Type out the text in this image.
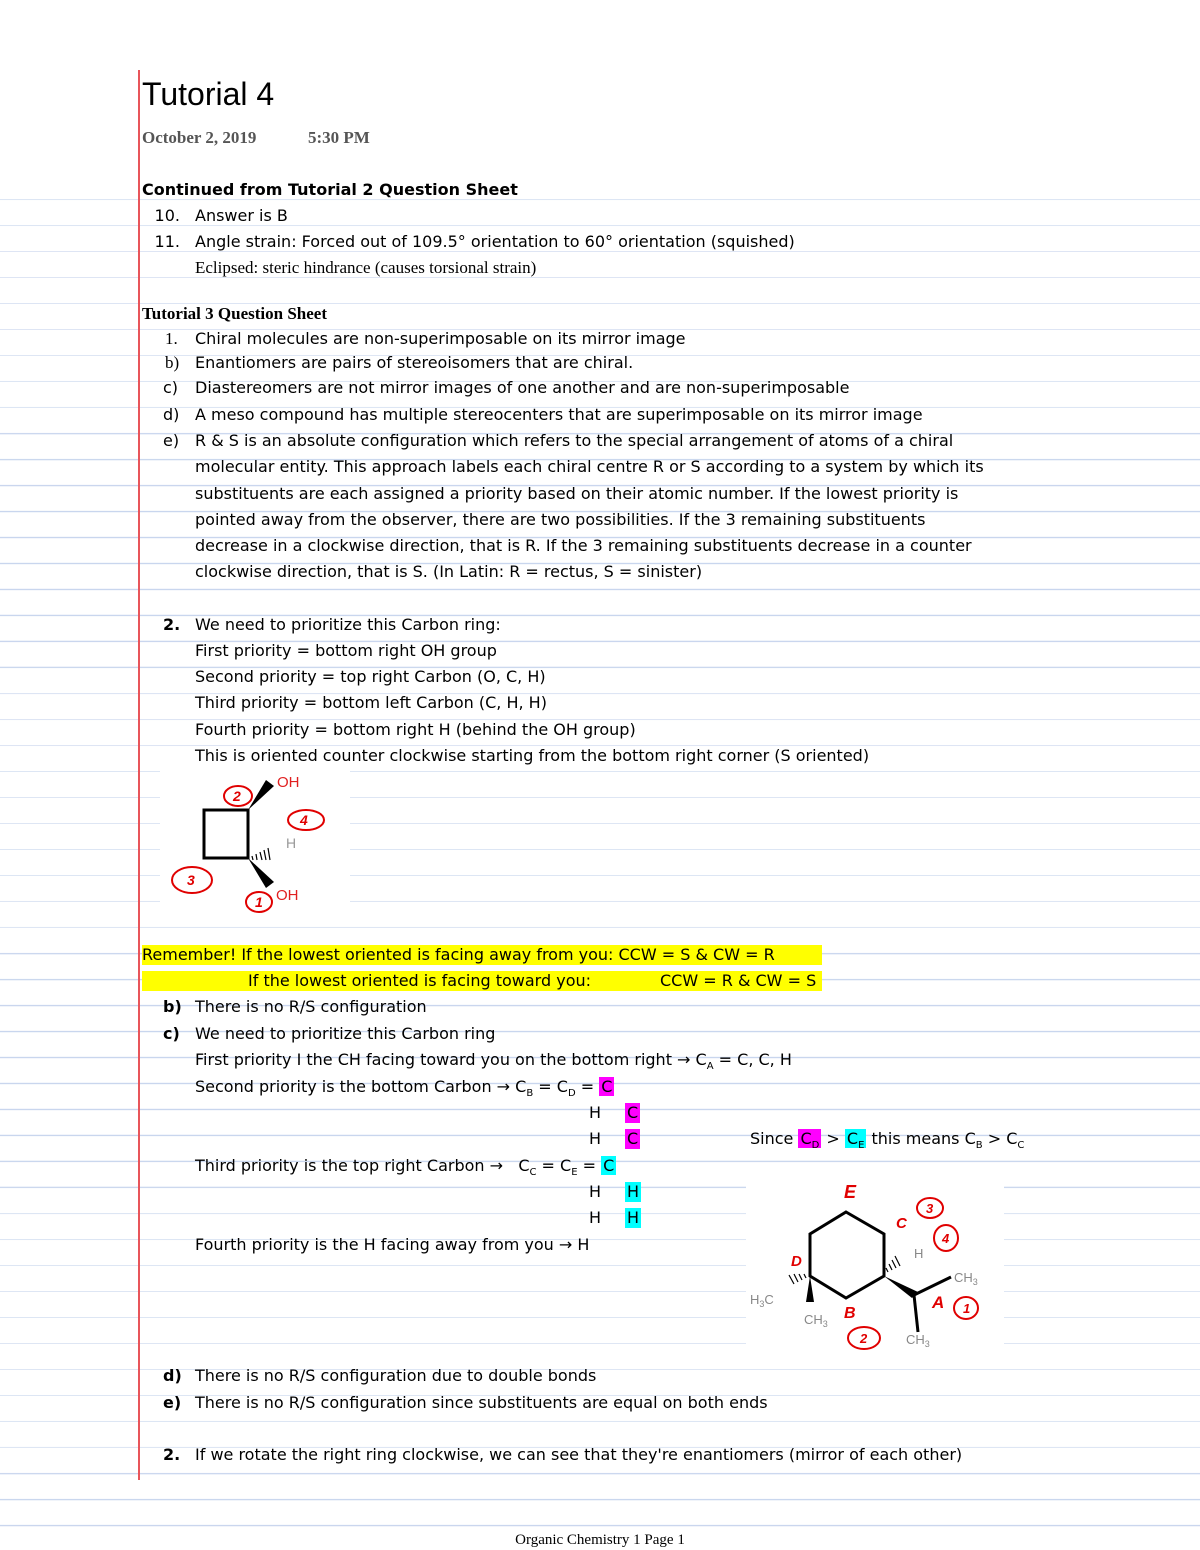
Tutorial 4
October 2, 2019	5:30 PM
Continued from Tutorial 2 Question Sheet
10. Answer is B
11. Angle strain: Forced out of 109.5° orientation to 60° orientation (squished)
Eclipsed: steric hindrance (causes torsional strain)
Tutorial 3 Question Sheet
1. Chiral molecules are non-superimposable on its mirror image
b) Enantiomers are pairs of stereoisomers that are chiral.
c) Diastereomers are not mirror images of one another and are non-superimposable
d) A meso compound has multiple stereocenters that are superimposable on its mirror image
e) R & S is an absolute configuration which refers to the special arrangement of atoms of a chiral
molecular entity. This approach labels each chiral centre R or S according to a system by which its
substituents are each assigned a priority based on their atomic number. If the lowest priority is
pointed away from the observer, there are two possibilities. If the 3 remaining substituents
decrease in a clockwise direction, that is R. If the 3 remaining substituents decrease in a counter
clockwise direction, that is S. (In Latin: R = rectus, S = sinister)
2. We need to prioritize this Carbon ring:
First priority = bottom right OH group
Second priority = top right Carbon (O, C, H)
Third priority = bottom left Carbon (C, H, H)
Fourth priority = bottom right H (behind the OH group)
This is oriented counter clockwise starting from the bottom right corner (S oriented)
OH
OH
H
2
4
3
1
Remember! If the lowest oriented is facing away from you: CCW = S & CW = R
If the lowest oriented is facing toward you:	CCW = R & CW = S
b) There is no R/S configuration
c) We need to prioritize this Carbon ring
First priority I the CH facing toward you on the bottom right → $C_A = C$, C, H
Second priority is the bottom Carbon → $C_B = C_D = C$
H C
H C	Since $C_D > C_E$ this means $C_B > C_C$
Third priority is the top right Carbon →   $C_C = C_E = C$
H H
H H
Fourth priority is the H facing away from you → H	H
$CH_3$
$CH_3$
$CH_3$
$H_3C$
E
C
D
B
A
3
4
1
2
d) There is no R/S configuration due to double bonds
e) There is no R/S configuration since substituents are equal on both ends
2. If we rotate the right ring clockwise, we can see that they're enantiomers (mirror of each other)
Organic Chemistry 1 Page 1
